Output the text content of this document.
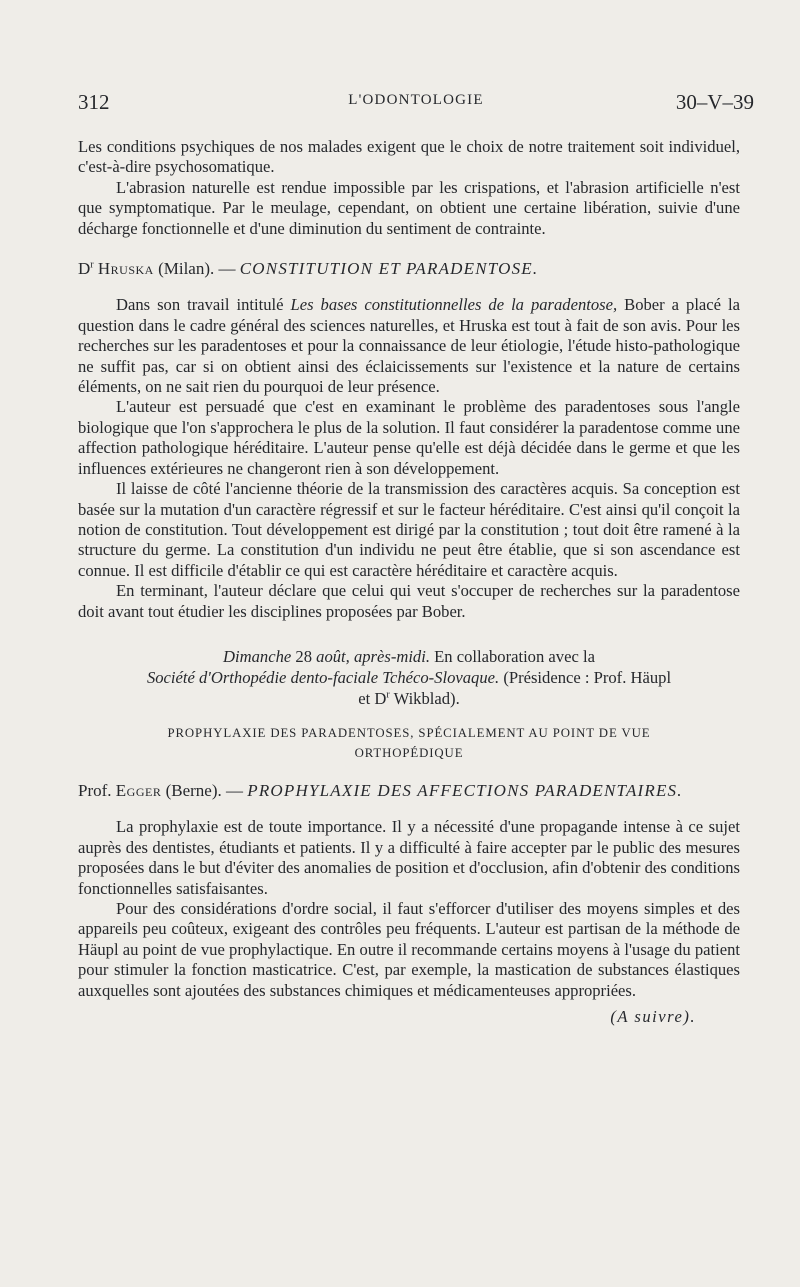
312	L'ODONTOLOGIE	30–V–39

Les conditions psychiques de nos malades exigent que le choix de notre traitement soit individuel, c'est-à-dire psychosomatique.

L'abrasion naturelle est rendue impossible par les crispations, et l'abrasion artificielle n'est que symptomatique. Par le meulage, cependant, on obtient une certaine libération, suivie d'une décharge fonctionnelle et d'une diminution du sentiment de contrainte.

$D^r$ Hruska (Milan). — CONSTITUTION ET PARADENTOSE.

Dans son travail intitulé Les bases constitutionnelles de la paradentose, Bober a placé la question dans le cadre général des sciences naturelles, et Hruska est tout à fait de son avis. Pour les recherches sur les paradentoses et pour la connaissance de leur étiologie, l'étude histo-pathologique ne suffit pas, car si on obtient ainsi des éclaicissements sur l'existence et la nature de certains éléments, on ne sait rien du pourquoi de leur présence.

L'auteur est persuadé que c'est en examinant le problème des paradentoses sous l'angle biologique que l'on s'approchera le plus de la solution. Il faut considérer la paradentose comme une affection pathologique héréditaire. L'auteur pense qu'elle est déjà décidée dans le germe et que les influences extérieures ne changeront rien à son développement.

Il laisse de côté l'ancienne théorie de la transmission des caractères acquis. Sa conception est basée sur la mutation d'un caractère régressif et sur le facteur héréditaire. C'est ainsi qu'il conçoit la notion de constitution. Tout développement est dirigé par la constitution ; tout doit être ramené à la structure du germe. La constitution d'un individu ne peut être établie, que si son ascendance est connue. Il est difficile d'établir ce qui est caractère héréditaire et caractère acquis.

En terminant, l'auteur déclare que celui qui veut s'occuper de recherches sur la paradentose doit avant tout étudier les disciplines proposées par Bober.

Dimanche 28 août, après-midi. En collaboration avec la
Société d'Orthopédie dento-faciale Tchéco-Slovaque. (Présidence : Prof. Häupl
et $D^r$ Wikblad).
PROPHYLAXIE DES PARADENTOSES, SPÉCIALEMENT AU POINT DE VUE
ORTHOPÉDIQUE

Prof. Egger (Berne). — PROPHYLAXIE DES AFFECTIONS PARADENTAIRES.

La prophylaxie est de toute importance. Il y a nécessité d'une propagande intense à ce sujet auprès des dentistes, étudiants et patients. Il y a difficulté à faire accepter par le public des mesures proposées dans le but d'éviter des anomalies de position et d'occlusion, afin d'obtenir des conditions fonctionnelles satisfaisantes.

Pour des considérations d'ordre social, il faut s'efforcer d'utiliser des moyens simples et des appareils peu coûteux, exigeant des contrôles peu fréquents. L'auteur est partisan de la méthode de Häupl au point de vue prophylactique. En outre il recommande certains moyens à l'usage du patient pour stimuler la fonction masticatrice. C'est, par exemple, la mastication de substances élastiques auxquelles sont ajoutées des substances chimiques et médicamenteuses appropriées.

(A suivre).
